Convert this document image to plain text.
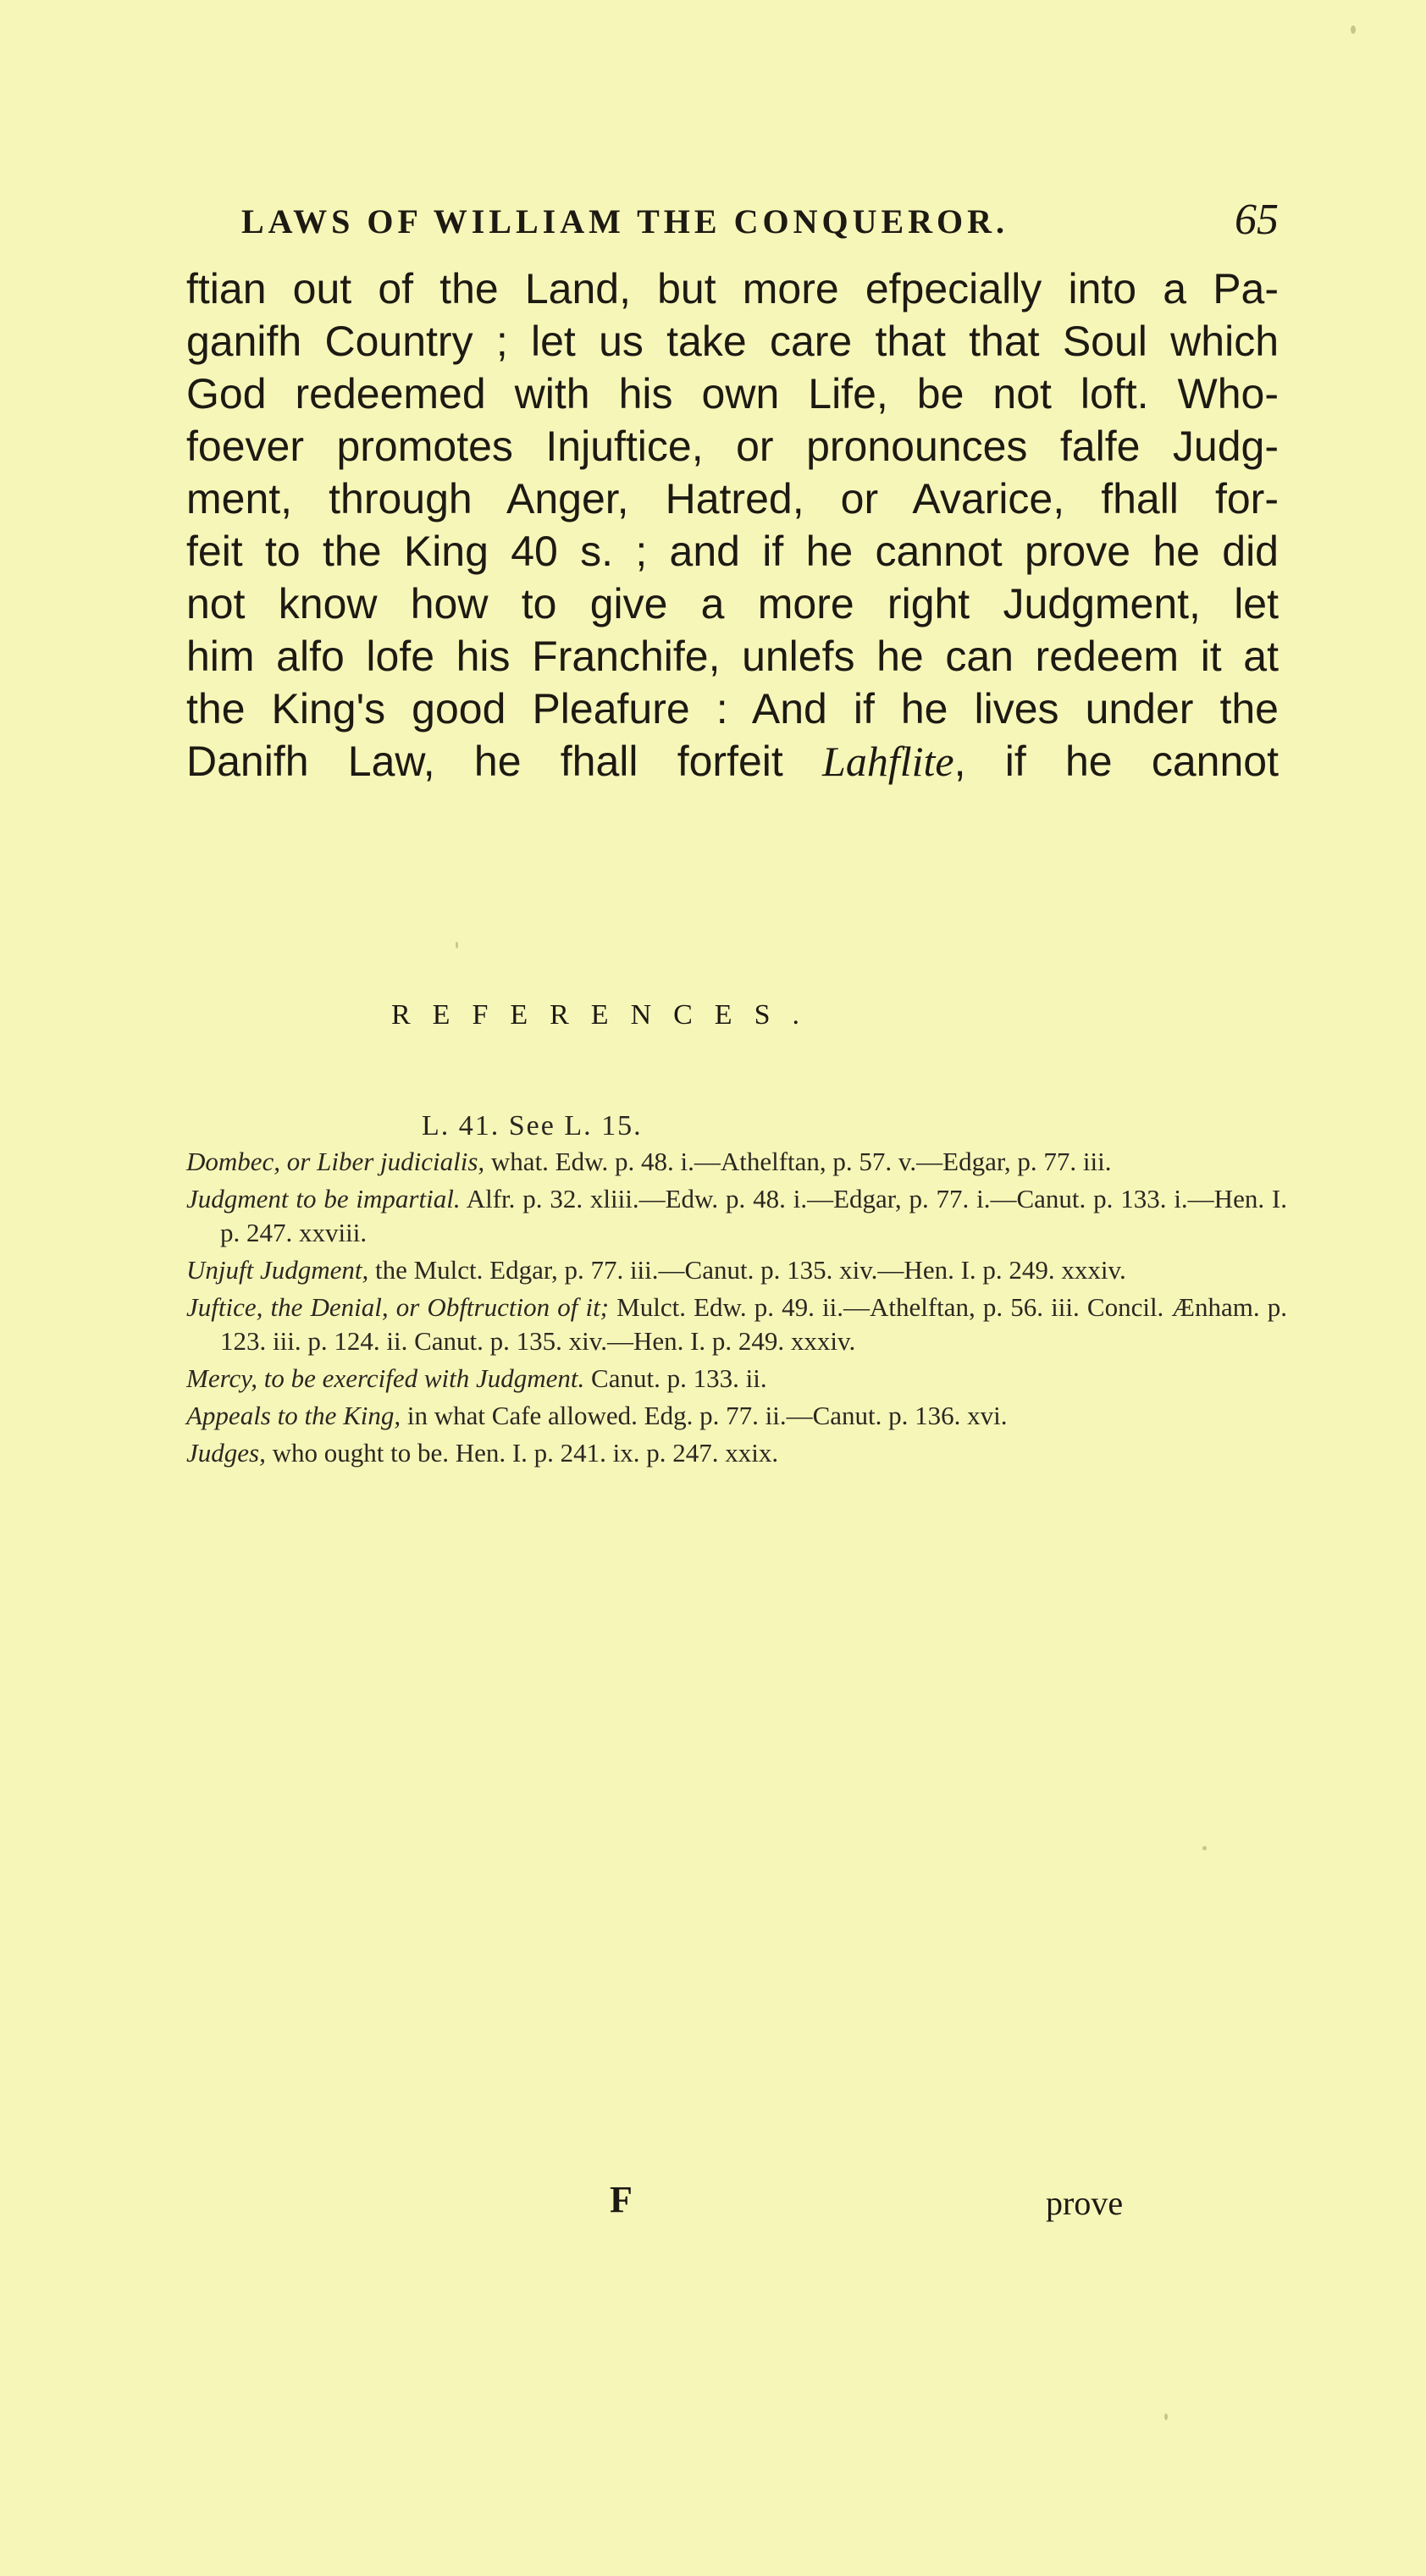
LAWS OF WILLIAM THE CONQUEROR.	65
ftian out of the Land, but more efpecially into a Pa-
ganifh Country ; let us take care that that Soul which
God redeemed with his own Life, be not loft. Who-
foever promotes Injuftice, or pronounces falfe Judg-
ment, through Anger, Hatred, or Avarice, fhall for-
feit to the King 40 s. ; and if he cannot prove he did
not know how to give a more right Judgment, let
him alfo lofe his Franchife, unlefs he can redeem it at
the King's good Pleafure : And if he lives under the
Danifh Law, he fhall forfeit Lahflite, if he cannot
REFERENCES.
L. 41. See L. 15.

Dombec, or Liber judicialis, what. Edw. p. 48. i.—Athelftan, p. 57. v.—Edgar, p. 77. iii.

Judgment to be impartial. Alfr. p. 32. xliii.—Edw. p. 48. i.—Edgar, p. 77. i.—Canut. p. 133. i.—Hen. I. p. 247. xxviii.

Unjuft Judgment, the Mulct. Edgar, p. 77. iii.—Canut. p. 135. xiv.—Hen. I. p. 249. xxxiv.

Juftice, the Denial, or Obftruction of it; Mulct. Edw. p. 49. ii.—Athelftan, p. 56. iii. Concil. Ænham. p. 123. iii. p. 124. ii. Canut. p. 135. xiv.—Hen. I. p. 249. xxxiv.

Mercy, to be exercifed with Judgment. Canut. p. 133. ii.

Appeals to the King, in what Cafe allowed. Edg. p. 77. ii.—Canut. p. 136. xvi.

Judges, who ought to be. Hen. I. p. 241. ix. p. 247. xxix.

F	prove
